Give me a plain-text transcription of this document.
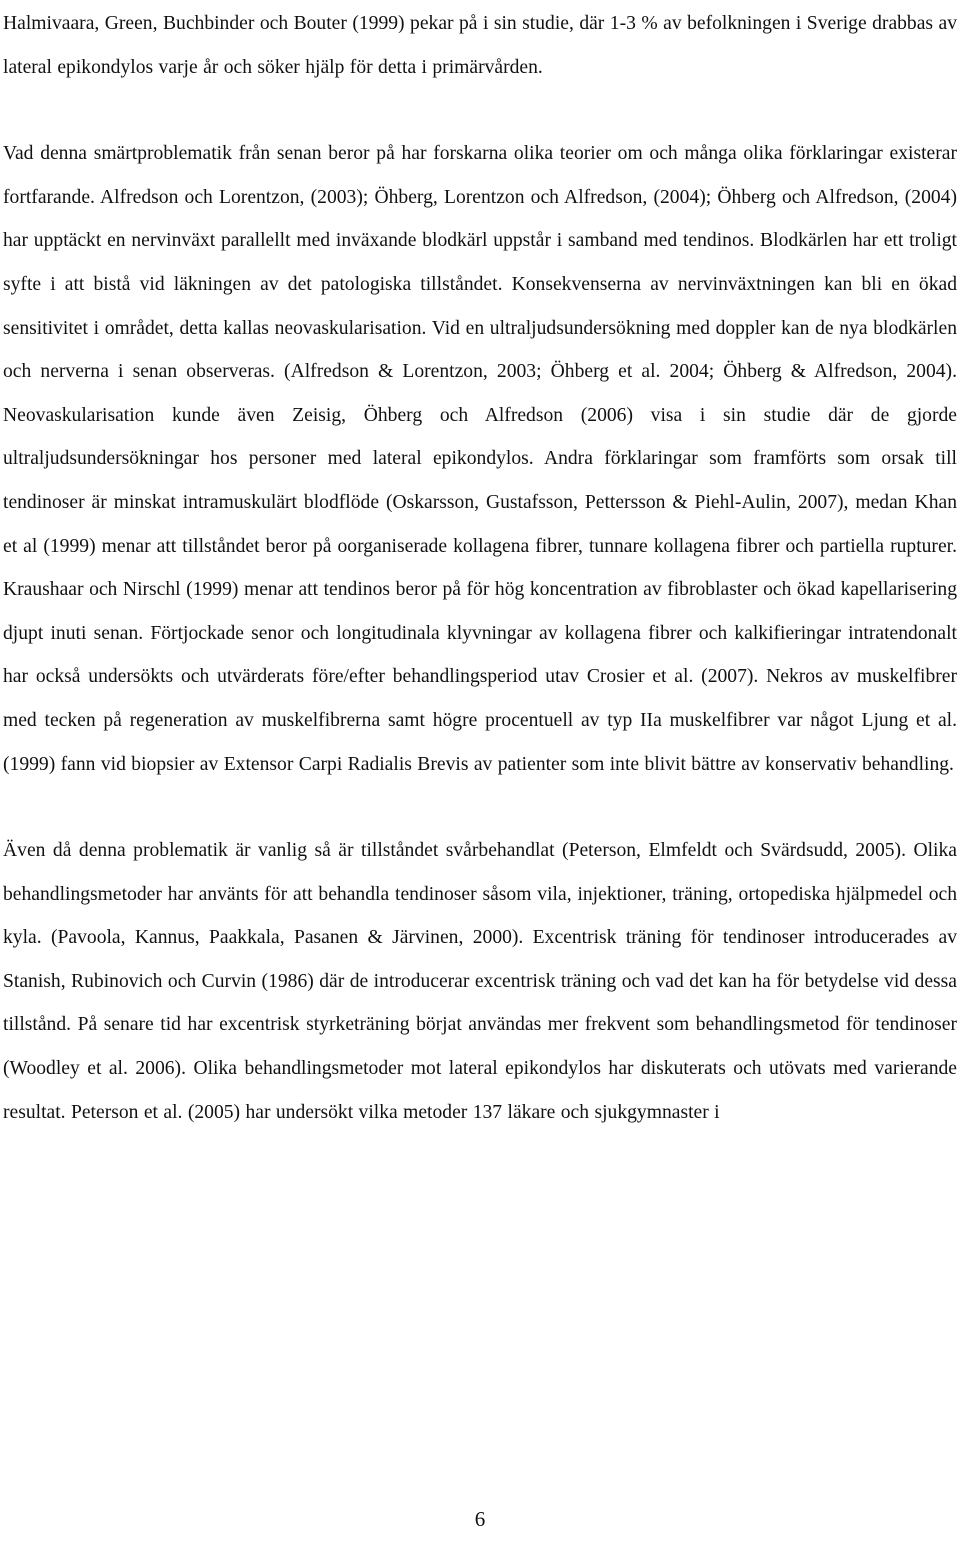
Halmivaara, Green, Buchbinder och Bouter (1999) pekar på i sin studie, där 1-3 % av befolkningen i Sverige drabbas av lateral epikondylos varje år och söker hjälp för detta i primärvården.

Vad denna smärtproblematik från senan beror på har forskarna olika teorier om och många olika förklaringar existerar fortfarande. Alfredson och Lorentzon, (2003); Öhberg, Lorentzon och Alfredson, (2004); Öhberg och Alfredson, (2004) har upptäckt en nervinväxt parallellt med inväxande blodkärl uppstår i samband med tendinos. Blodkärlen har ett troligt syfte i att bistå vid läkningen av det patologiska tillståndet. Konsekvenserna av nervinväxtningen kan bli en ökad sensitivitet i området, detta kallas neovaskularisation. Vid en ultraljudsundersökning med doppler kan de nya blodkärlen och nerverna i senan observeras. (Alfredson & Lorentzon, 2003; Öhberg et al. 2004; Öhberg & Alfredson, 2004). Neovaskularisation kunde även Zeisig, Öhberg och Alfredson (2006) visa i sin studie där de gjorde ultraljudsundersökningar hos personer med lateral epikondylos. Andra förklaringar som framförts som orsak till tendinoser är minskat intramuskulärt blodflöde (Oskarsson, Gustafsson, Pettersson & Piehl-Aulin, 2007), medan Khan et al (1999) menar att tillståndet beror på oorganiserade kollagena fibrer, tunnare kollagena fibrer och partiella rupturer. Kraushaar och Nirschl (1999) menar att tendinos beror på för hög koncentration av fibroblaster och ökad kapellarisering djupt inuti senan. Förtjockade senor och longitudinala klyvningar av kollagena fibrer och kalkifieringar intratendonalt har också undersökts och utvärderats före/efter behandlingsperiod utav Crosier et al. (2007). Nekros av muskelfibrer med tecken på regeneration av muskelfibrerna samt högre procentuell av typ IIa muskelfibrer var något Ljung et al. (1999) fann vid biopsier av Extensor Carpi Radialis Brevis av patienter som inte blivit bättre av konservativ behandling.

Även då denna problematik är vanlig så är tillståndet svårbehandlat (Peterson, Elmfeldt och Svärdsudd, 2005). Olika behandlingsmetoder har använts för att behandla tendinoser såsom vila, injektioner, träning, ortopediska hjälpmedel och kyla. (Pavoola, Kannus, Paakkala, Pasanen & Järvinen, 2000). Excentrisk träning för tendinoser introducerades av Stanish, Rubinovich och Curvin (1986) där de introducerar excentrisk träning och vad det kan ha för betydelse vid dessa tillstånd. På senare tid har excentrisk styrketräning börjat användas mer frekvent som behandlingsmetod för tendinoser (Woodley et al. 2006). Olika behandlingsmetoder mot lateral epikondylos har diskuterats och utövats med varierande resultat. Peterson et al. (2005) har undersökt vilka metoder 137 läkare och sjukgymnaster i

6
